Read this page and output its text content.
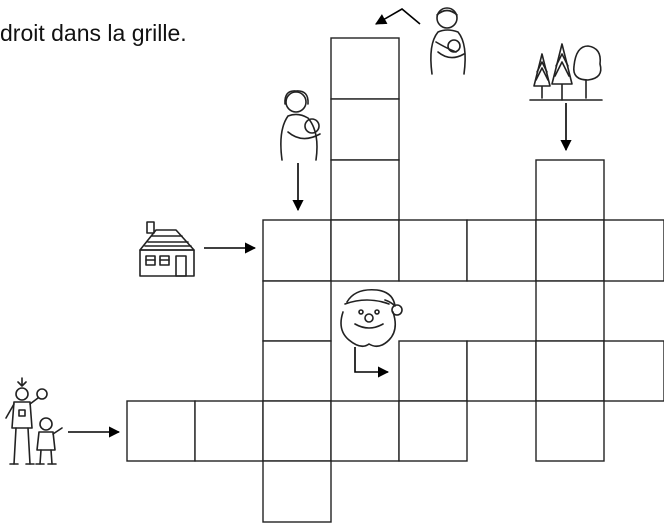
droit dans la grille.
